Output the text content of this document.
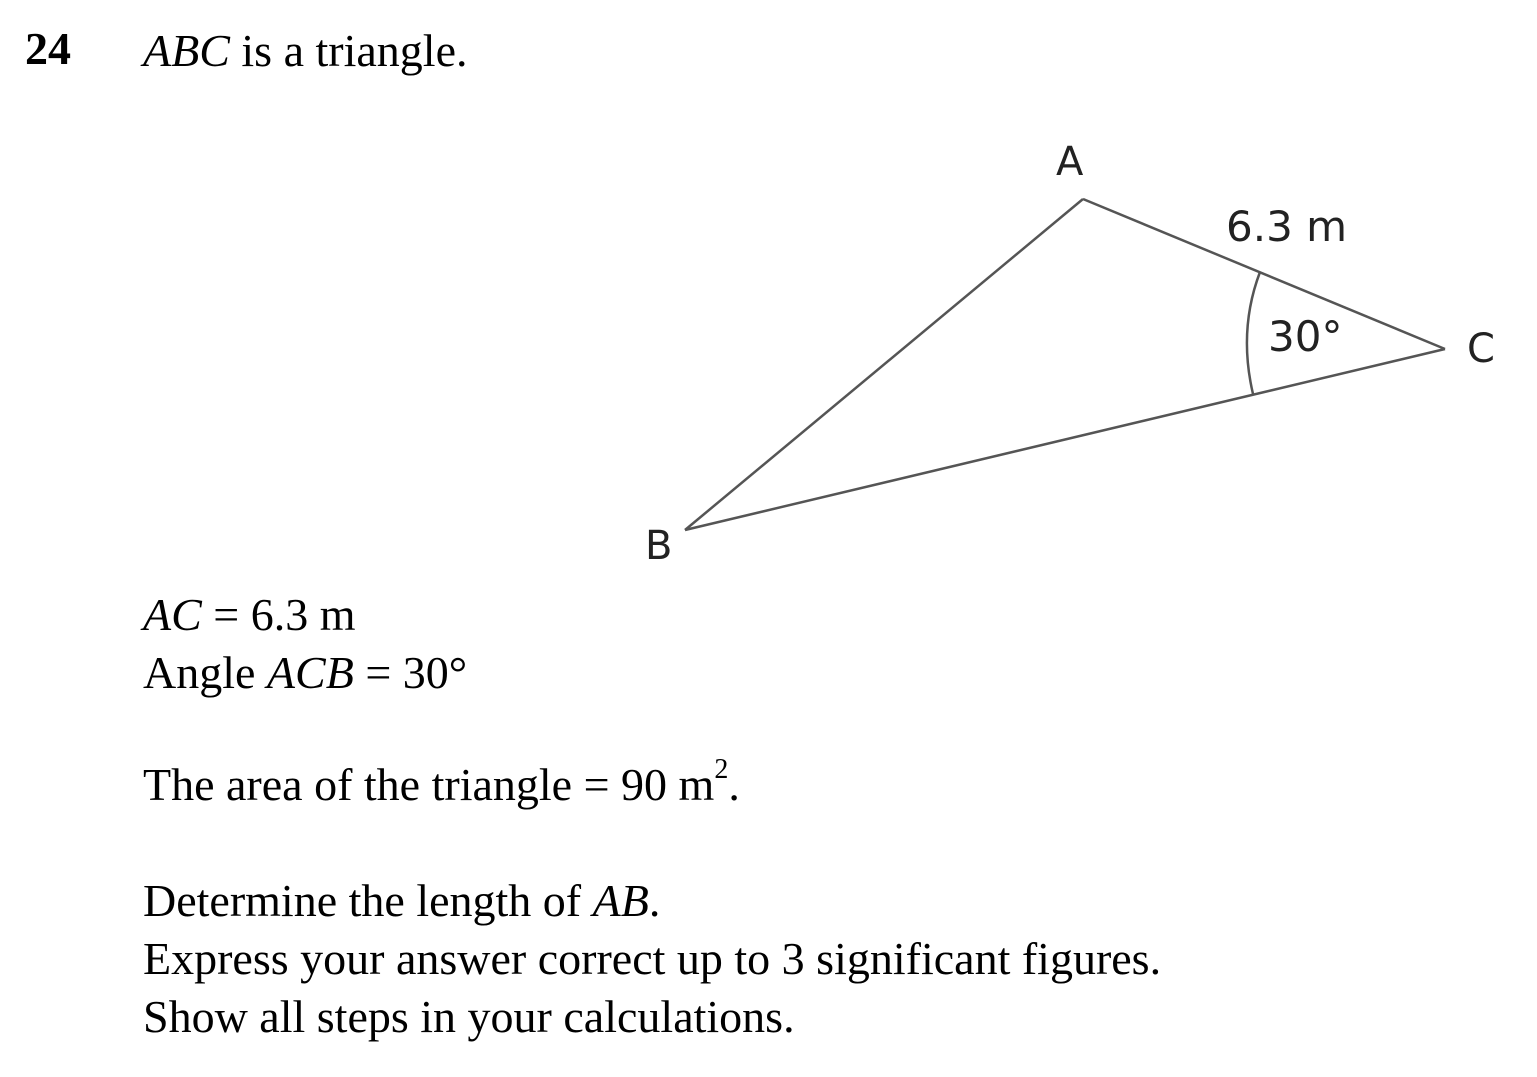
24 ABC is a triangle.
A
B
C
6.3 m
30°
AC = 6.3 m
Angle ACB = 30°
The area of the triangle = 90 $m^2$.
Determine the length of AB.
Express your answer correct up to 3 significant figures.
Show all steps in your calculations.
